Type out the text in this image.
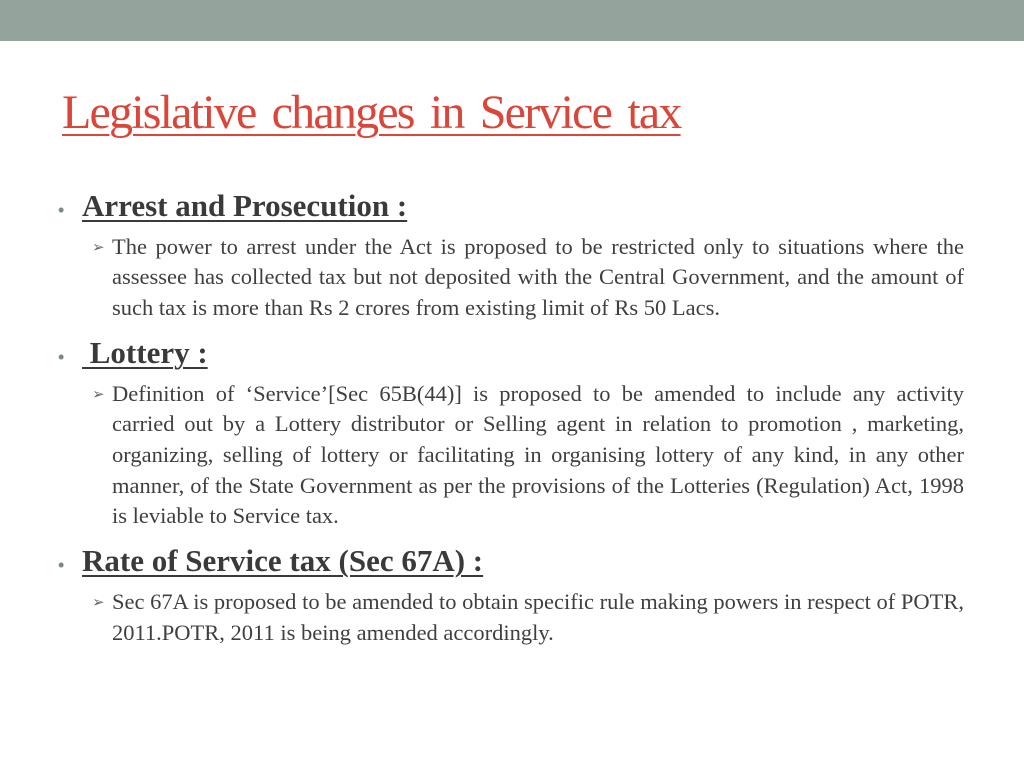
Legislative changes in Service tax
• Arrest and Prosecution :
➢ The power to arrest under the Act is proposed to be restricted only to situations where the assessee has collected tax but not deposited with the Central Government, and the amount of such tax is more than Rs 2 crores from existing limit of Rs 50 Lacs.
• Lottery :
➢ Definition of ‘Service’[Sec 65B(44)] is proposed to be amended to include any activity carried out by a Lottery distributor or Selling agent in relation to promotion , marketing, organizing, selling of lottery or facilitating in organising lottery of any kind, in any other manner, of the State Government as per the provisions of the Lotteries (Regulation) Act, 1998 is leviable to Service tax.
• Rate of Service tax (Sec 67A) :
➢ Sec 67A is proposed to be amended to obtain specific rule making powers in respect of POTR, 2011.POTR, 2011 is being amended accordingly.
